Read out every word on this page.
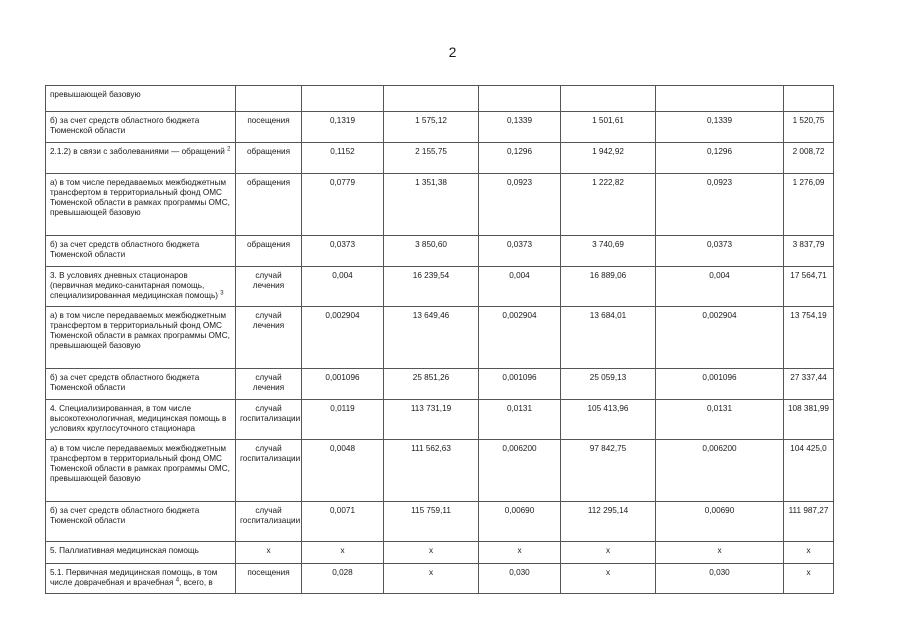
2
превышающей базовую							
б) за счет средств областного бюджета Тюменской области	посещения	0,1319	1 575,12	0,1339	1 501,61	0,1339	1 520,75
2.1.2) в связи с заболеваниями — обращений $^2$	обращения	0,1152	2 155,75	0,1296	1 942,92	0,1296	2 008,72
а) в том числе передаваемых межбюджетным трансфертом в территориальный фонд ОМС Тюменской области в рамках программы ОМС, превышающей базовую	обращения	0,0779	1 351,38	0,0923	1 222,82	0,0923	1 276,09
б) за счет средств областного бюджета Тюменской области	обращения	0,0373	3 850,60	0,0373	3 740,69	0,0373	3 837,79
3. В условиях дневных стационаров (первичная медико-санитарная помощь, специализированная медицинская помощь) $^3$	случай лечения	0,004	16 239,54	0,004	16 889,06	0,004	17 564,71
а) в том числе передаваемых межбюджетным трансфертом в территориальный фонд ОМС Тюменской области в рамках программы ОМС, превышающей базовую	случай лечения	0,002904	13 649,46	0,002904	13 684,01	0,002904	13 754,19
б) за счет средств областного бюджета Тюменской области	случай лечения	0,001096	25 851,26	0,001096	25 059,13	0,001096	27 337,44
4. Специализированная, в том числе высокотехнологичная, медицинская помощь в условиях круглосуточного стационара	случай госпитализации	0,0119	113 731,19	0,0131	105 413,96	0,0131	108 381,99
а) в том числе передаваемых межбюджетным трансфертом в территориальный фонд ОМС Тюменской области в рамках программы ОМС, превышающей базовую	случай госпитализации	0,0048	111 562,63	0,006200	97 842,75	0,006200	104 425,0
б) за счет средств областного бюджета Тюменской области	случай госпитализации	0,0071	115 759,11	0,00690	112 295,14	0,00690	111 987,27
5. Паллиативная медицинская помощь	х	х	х	х	х	х	х
5.1. Первичная медицинская помощь, в том числе доврачебная и врачебная $^4$, всего, в	посещения	0,028	х	0,030	х	0,030	х
